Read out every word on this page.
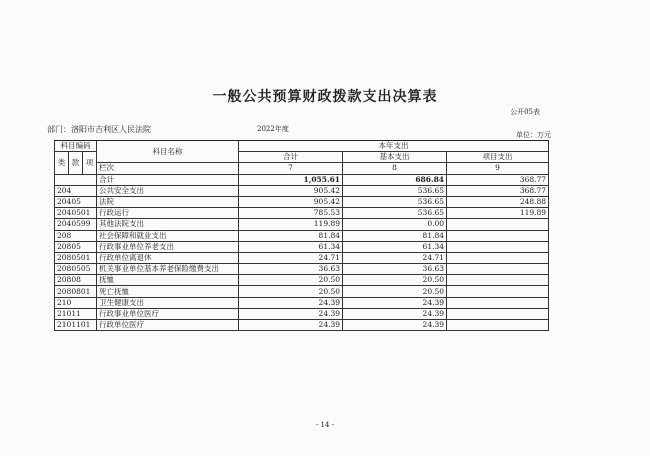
一般公共预算财政拨款支出决算表
公开05表
部门：洛阳市吉利区人民法院	2022年度
单位：万元
科目编码			科目名称	本年支出		
				合计	基本支出	项目支出

类	款	项				
			栏次	7	8	9
			合计	1,055.61	686.84	368.77
204			公共安全支出	905.42	536.65	368.77
20405			法院	905.42	536.65	248.88
2040501			行政运行	785.53	536.65	119.89
2040599			其他法院支出	119.89	0.00	
208			社会保障和就业支出	81.84	81.84	
20805			行政事业单位养老支出	61.34	61.34	
2080501			行政单位离退休	24.71	24.71	
2080505			机关事业单位基本养老保险缴费支出	36.63	36.63	
20808			抚恤	20.50	20.50	
2080801			死亡抚恤	20.50	20.50	
210			卫生健康支出	24.39	24.39	
21011			行政事业单位医疗	24.39	24.39	
2101101			行政单位医疗	24.39	24.39	
- 14 -
